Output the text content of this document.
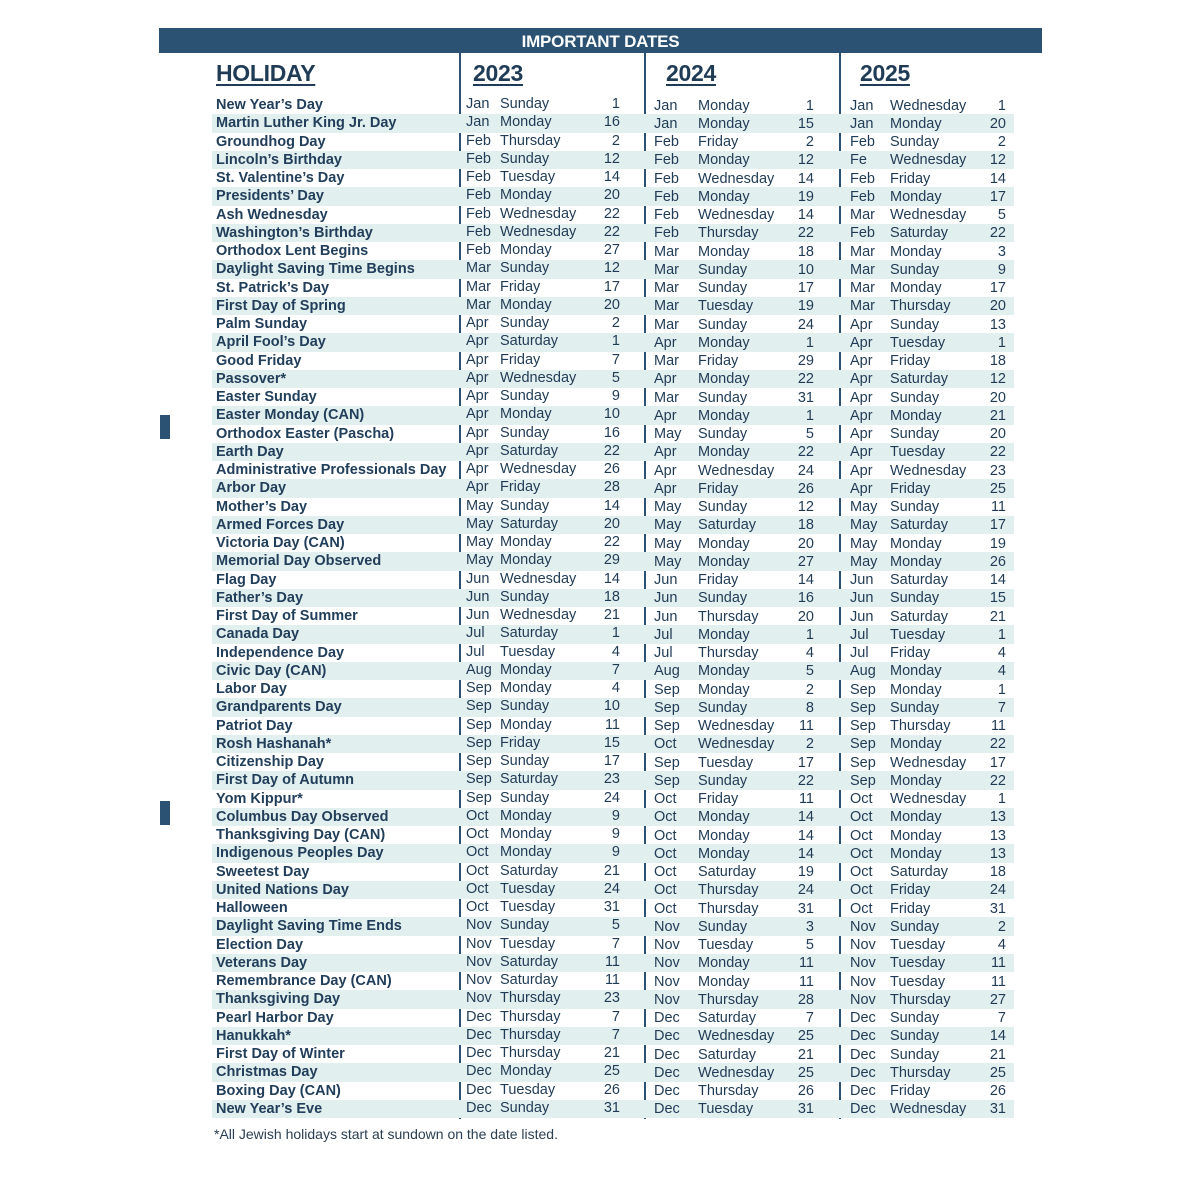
IMPORTANT DATES
HOLIDAY	2023	2024	2025
New Year’s Day	Jan Sunday	1 Jan Monday	1 Jan Wednesday	1
Martin Luther King Jr. Day	Jan Monday	16 Jan Monday	15 Jan Monday	20
Groundhog Day	Feb Thursday	2 Feb Friday	2 Feb Sunday	2
Lincoln’s Birthday	Feb Sunday	12 Feb Monday	12 Fe Wednesday	12
St. Valentine’s Day	Feb Tuesday	14 Feb Wednesday	14 Feb Friday	14
Presidents’ Day	Feb Monday	20 Feb Monday	19 Feb Monday	17
Ash Wednesday	Feb Wednesday	22 Feb Wednesday	14 Mar Wednesday	5
Washington’s Birthday	Feb Wednesday	22 Feb Thursday	22 Feb Saturday	22
Orthodox Lent Begins	Feb Monday	27 Mar Monday	18 Mar Monday	3
Daylight Saving Time Begins	Mar Sunday	12 Mar Sunday	10 Mar Sunday	9
St. Patrick’s Day	Mar Friday	17 Mar Sunday	17 Mar Monday	17
First Day of Spring	Mar Monday	20 Mar Tuesday	19 Mar Thursday	20
Palm Sunday	Apr Sunday	2 Mar Sunday	24 Apr Sunday	13
April Fool’s Day	Apr Saturday	1 Apr Monday	1 Apr Tuesday	1
Good Friday	Apr Friday	7 Mar Friday	29 Apr Friday	18
Passover*	Apr Wednesday	5 Apr Monday	22 Apr Saturday	12
Easter Sunday	Apr Sunday	9 Mar Sunday	31 Apr Sunday	20
Easter Monday (CAN)	Apr Monday	10 Apr Monday	1 Apr Monday	21
Orthodox Easter (Pascha)	Apr Sunday	16 May Sunday	5 Apr Sunday	20
Earth Day	Apr Saturday	22 Apr Monday	22 Apr Tuesday	22
Administrative Professionals Day Apr Wednesday	26 Apr Wednesday	24 Apr Wednesday	23
Arbor Day	Apr Friday	28 Apr Friday	26 Apr Friday	25
Mother’s Day	May Sunday	14 May Sunday	12 May Sunday	11
Armed Forces Day	May Saturday	20 May Saturday	18 May Saturday	17
Victoria Day (CAN)	May Monday	22 May Monday	20 May Monday	19
Memorial Day Observed	May Monday	29 May Monday	27 May Monday	26
Flag Day	Jun Wednesday	14 Jun Friday	14 Jun Saturday	14
Father’s Day	Jun Sunday	18 Jun Sunday	16 Jun Sunday	15
First Day of Summer	Jun Wednesday	21 Jun Thursday	20 Jun Saturday	21
Canada Day	Jul Saturday	1 Jul Monday	1 Jul Tuesday	1
Independence Day	Jul Tuesday	4 Jul Thursday	4 Jul Friday	4
Civic Day (CAN)	Aug Monday	7 Aug Monday	5 Aug Monday	4
Labor Day	Sep Monday	4 Sep Monday	2 Sep Monday	1
Grandparents Day	Sep Sunday	10 Sep Sunday	8 Sep Sunday	7
Patriot Day	Sep Monday	11 Sep Wednesday	11 Sep Thursday	11
Rosh Hashanah*	Sep Friday	15 Oct Wednesday	2 Sep Monday	22
Citizenship Day	Sep Sunday	17 Sep Tuesday	17 Sep Wednesday	17
First Day of Autumn	Sep Saturday	23 Sep Sunday	22 Sep Monday	22
Yom Kippur*	Sep Sunday	24 Oct Friday	11 Oct Wednesday	1
Columbus Day Observed	Oct Monday	9 Oct Monday	14 Oct Monday	13
Thanksgiving Day (CAN)	Oct Monday	9 Oct Monday	14 Oct Monday	13
Indigenous Peoples Day	Oct Monday	9 Oct Monday	14 Oct Monday	13
Sweetest Day	Oct Saturday	21 Oct Saturday	19 Oct Saturday	18
United Nations Day	Oct Tuesday	24 Oct Thursday	24 Oct Friday	24
Halloween	Oct Tuesday	31 Oct Thursday	31 Oct Friday	31
Daylight Saving Time Ends	Nov Sunday	5 Nov Sunday	3 Nov Sunday	2
Election Day	Nov Tuesday	7 Nov Tuesday	5 Nov Tuesday	4
Veterans Day	Nov Saturday	11 Nov Monday	11 Nov Tuesday	11
Remembrance Day (CAN)	Nov Saturday	11 Nov Monday	11 Nov Tuesday	11
Thanksgiving Day	Nov Thursday	23 Nov Thursday	28 Nov Thursday	27
Pearl Harbor Day	Dec Thursday	7 Dec Saturday	7 Dec Sunday	7
Hanukkah*	Dec Thursday	7 Dec Wednesday	25 Dec Sunday	14
First Day of Winter	Dec Thursday	21 Dec Saturday	21 Dec Sunday	21
Christmas Day	Dec Monday	25 Dec Wednesday	25 Dec Thursday	25
Boxing Day (CAN)	Dec Tuesday	26 Dec Thursday	26 Dec Friday	26
New Year’s Eve	Dec Sunday	31 Dec Tuesday	31 Dec Wednesday	31
*All Jewish holidays start at sundown on the date listed.
